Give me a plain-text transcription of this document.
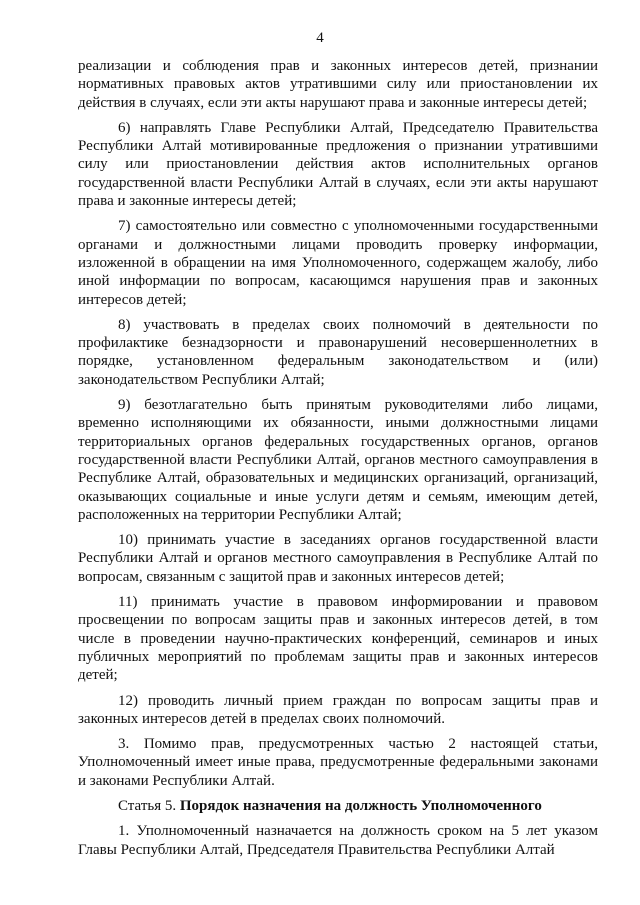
4

реализации и соблюдения прав и законных интересов детей, признании нормативных правовых актов утратившими силу или приостановлении их действия в случаях, если эти акты нарушают права и законные интересы детей;

6) направлять Главе Республики Алтай, Председателю Правительства Республики Алтай мотивированные предложения о признании утратившими силу или приостановлении действия актов исполнительных органов государственной власти Республики Алтай в случаях, если эти акты нарушают права и законные интересы детей;

7) самостоятельно или совместно с уполномоченными государственными органами и должностными лицами проводить проверку информации, изложенной в обращении на имя Уполномоченного, содержащем жалобу, либо иной информации по вопросам, касающимся нарушения прав и законных интересов детей;

8) участвовать в пределах своих полномочий в деятельности по профилактике безнадзорности и правонарушений несовершеннолетних в порядке, установленном федеральным законодательством и (или) законодательством Республики Алтай;

9) безотлагательно быть принятым руководителями либо лицами, временно исполняющими их обязанности, иными должностными лицами территориальных органов федеральных государственных органов, органов государственной власти Республики Алтай, органов местного самоуправления в Республике Алтай, образовательных и медицинских организаций, организаций, оказывающих социальные и иные услуги детям и семьям, имеющим детей, расположенных на территории Республики Алтай;

10) принимать участие в заседаниях органов государственной власти Республики Алтай и органов местного самоуправления в Республике Алтай по вопросам, связанным с защитой прав и законных интересов детей;

11) принимать участие в правовом информировании и правовом просвещении по вопросам защиты прав и законных интересов детей, в том числе в проведении научно-практических конференций, семинаров и иных публичных мероприятий по проблемам защиты прав и законных интересов детей;

12) проводить личный прием граждан по вопросам защиты прав и законных интересов детей в пределах своих полномочий.

3. Помимо прав, предусмотренных частью 2 настоящей статьи, Уполномоченный имеет иные права, предусмотренные федеральными законами и законами Республики Алтай.

Статья 5. Порядок назначения на должность Уполномоченного

1. Уполномоченный назначается на должность сроком на 5 лет указом Главы Республики Алтай, Председателя Правительства Республики Алтай
